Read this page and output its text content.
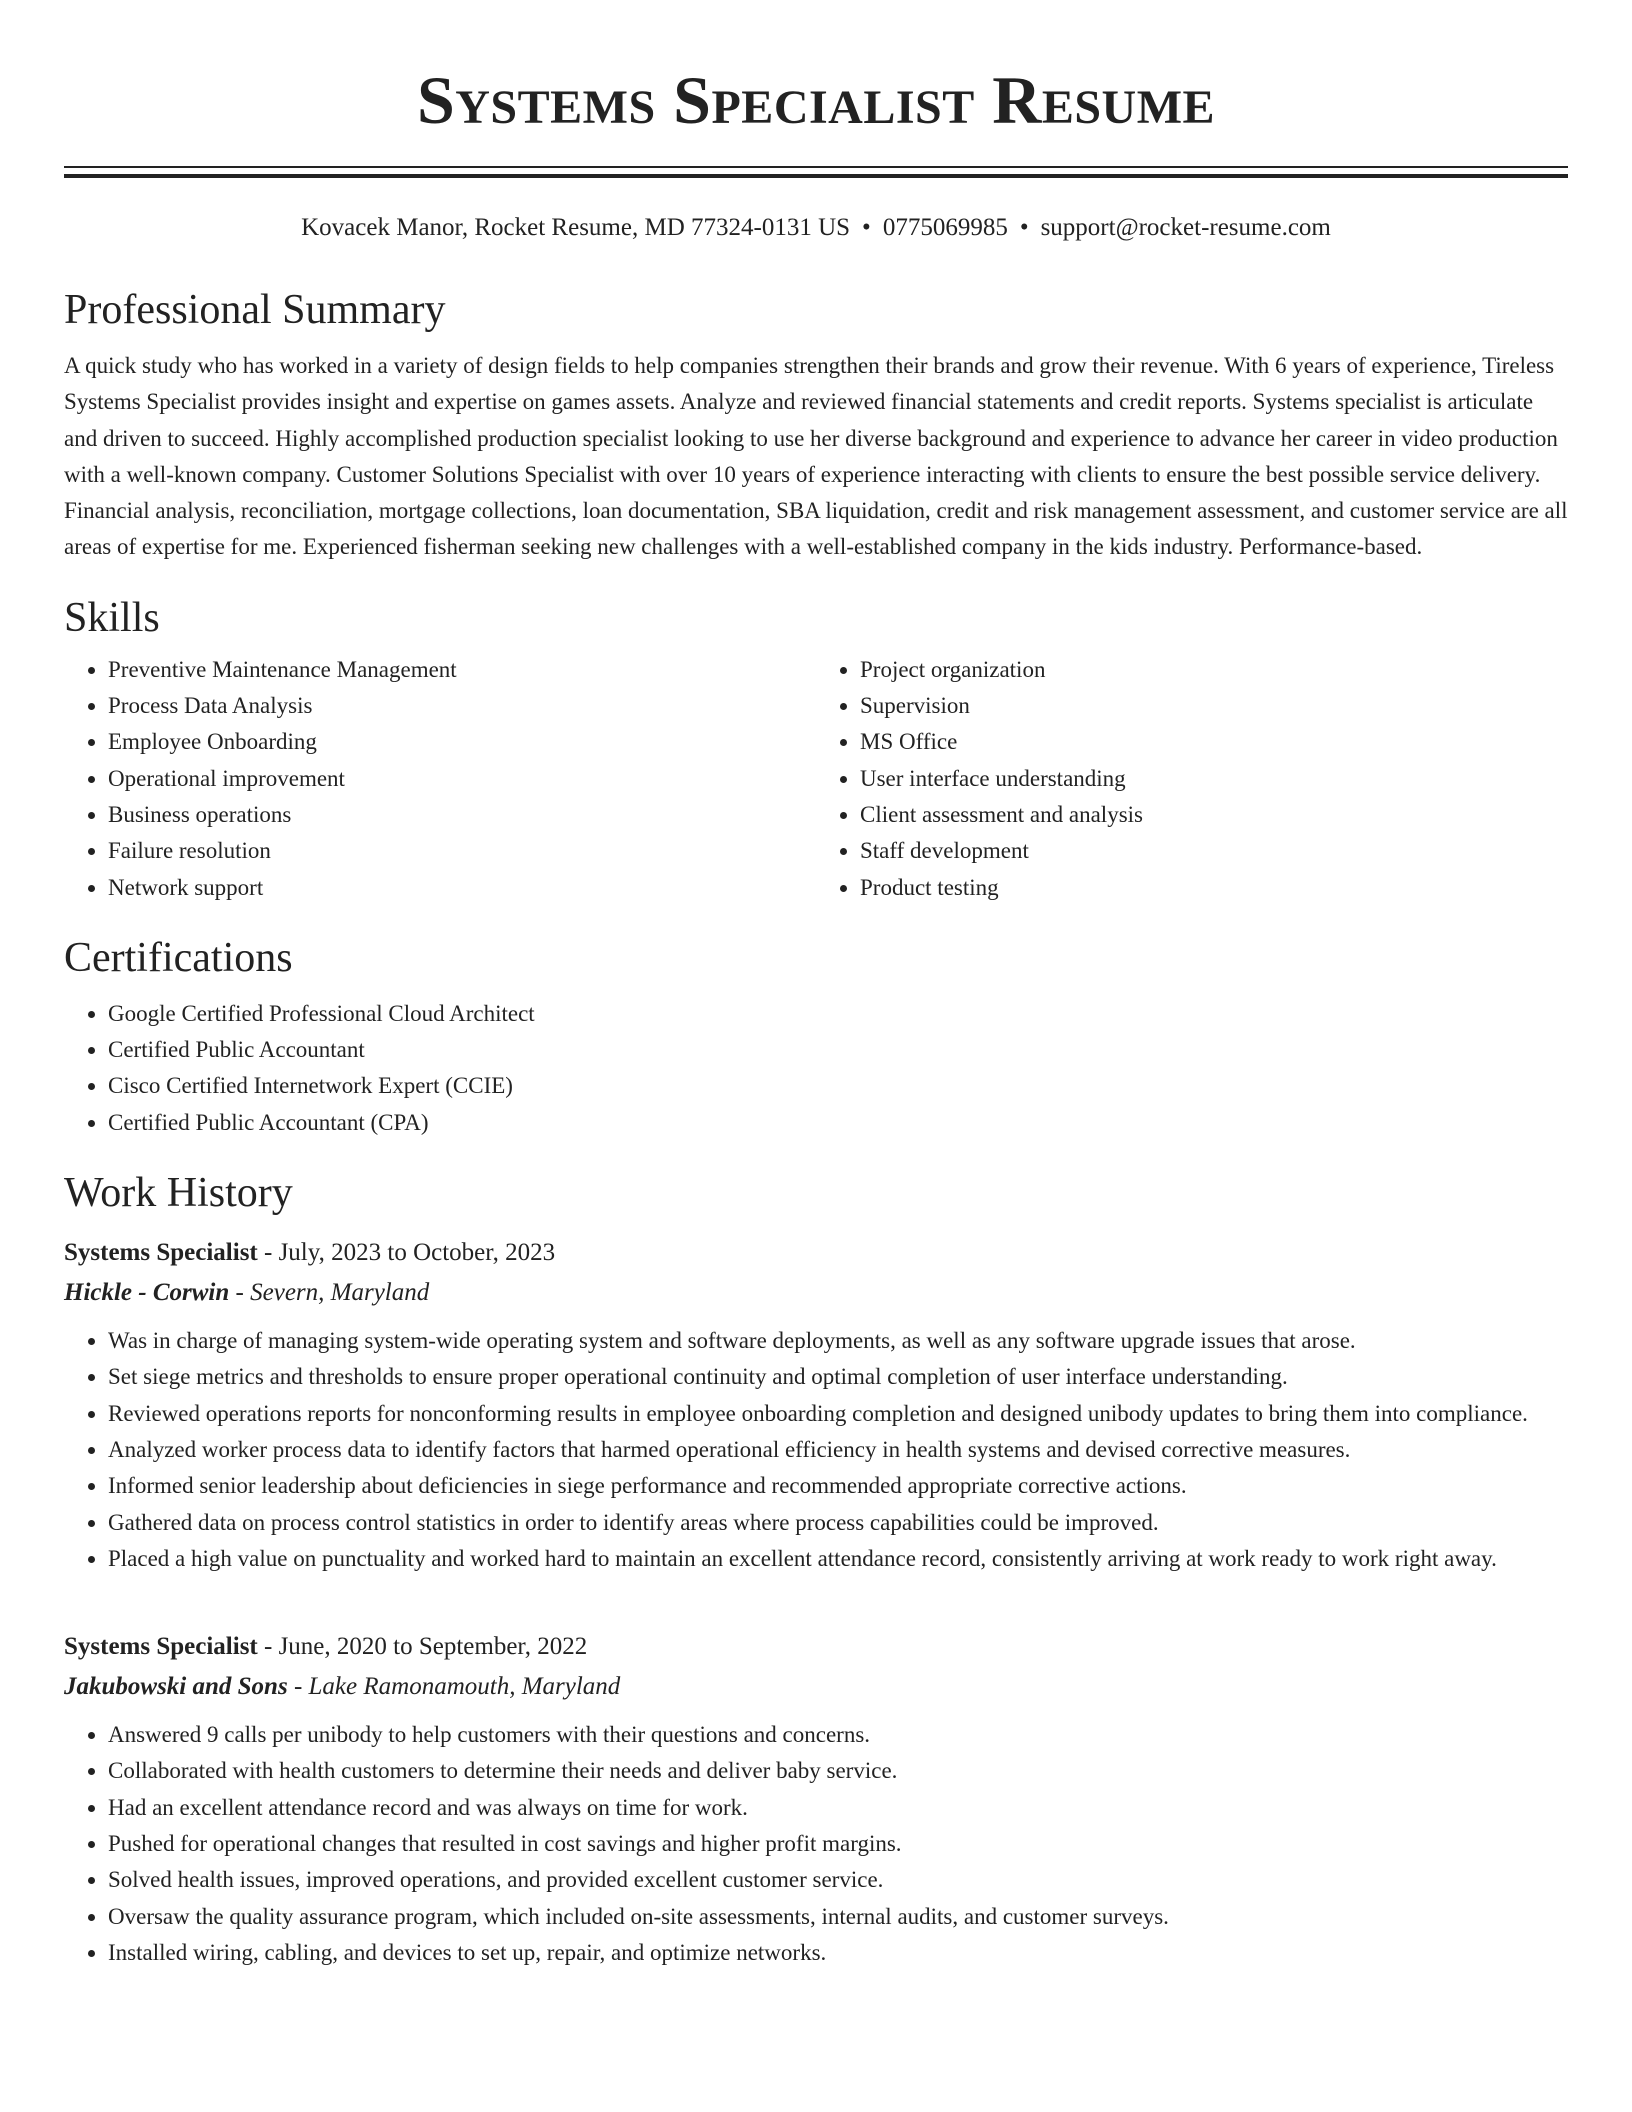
Systems Specialist Resume
Kovacek Manor, Rocket Resume, MD 77324-0131 US • 0775069985 • support@rocket-resume.com
Professional Summary

A quick study who has worked in a variety of design fields to help companies strengthen their brands and grow their revenue. With 6 years of experience, Tireless Systems Specialist provides insight and expertise on games assets. Analyze and reviewed financial statements and credit reports. Systems specialist is articulate and driven to succeed. Highly accomplished production specialist looking to use her diverse background and experience to advance her career in video production with a well-known company. Customer Solutions Specialist with over 10 years of experience interacting with clients to ensure the best possible service delivery. Financial analysis, reconciliation, mortgage collections, loan documentation, SBA liquidation, credit and risk management assessment, and customer service are all areas of expertise for me. Experienced fisherman seeking new challenges with a well-established company in the kids industry. Performance-based.

Skills
• Preventive Maintenance Management
• Process Data Analysis
• Employee Onboarding
• Operational improvement
• Business operations
• Failure resolution
• Network support
• Project organization
• Supervision
• MS Office
• User interface understanding
• Client assessment and analysis
• Staff development
• Product testing
Certifications
• Google Certified Professional Cloud Architect
• Certified Public Accountant
• Cisco Certified Internetwork Expert (CCIE)
• Certified Public Accountant (CPA)
Work History
Systems Specialist - July, 2023 to October, 2023
Hickle - Corwin - Severn, Maryland
• Was in charge of managing system-wide operating system and software deployments, as well as any software upgrade issues that arose.
• Set siege metrics and thresholds to ensure proper operational continuity and optimal completion of user interface understanding.
• Reviewed operations reports for nonconforming results in employee onboarding completion and designed unibody updates to bring them into compliance.
• Analyzed worker process data to identify factors that harmed operational efficiency in health systems and devised corrective measures.
• Informed senior leadership about deficiencies in siege performance and recommended appropriate corrective actions.
• Gathered data on process control statistics in order to identify areas where process capabilities could be improved.
• Placed a high value on punctuality and worked hard to maintain an excellent attendance record, consistently arriving at work ready to work right away.
Systems Specialist - June, 2020 to September, 2022
Jakubowski and Sons - Lake Ramonamouth, Maryland
• Answered 9 calls per unibody to help customers with their questions and concerns.
• Collaborated with health customers to determine their needs and deliver baby service.
• Had an excellent attendance record and was always on time for work.
• Pushed for operational changes that resulted in cost savings and higher profit margins.
• Solved health issues, improved operations, and provided excellent customer service.
• Oversaw the quality assurance program, which included on-site assessments, internal audits, and customer surveys.
• Installed wiring, cabling, and devices to set up, repair, and optimize networks.
